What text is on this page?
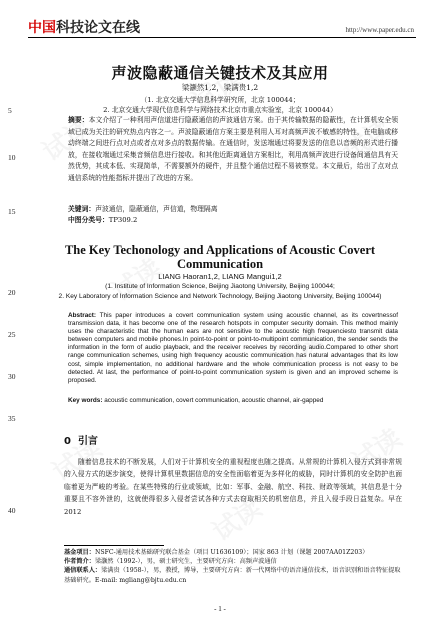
中国 科技论文在线	http://www.paper.edu.cn
声波隐蔽通信关键技术及其应用
梁灏然1,2，梁满贵1,2
（1. 北京交通大学信息科学研究所，北京 100044；
2. 北京交通大学现代信息科学与网络技术北京市重点实验室，北京 100044）
5
10
15
20
25
30
35
40
摘要：本文介绍了一种利用声信道进行隐蔽通信的声波通信方案。由于其传输数据的隐蔽性，在计算机安全领域已成为关注的研究热点内容之一。声波隐蔽通信方案主要是利用人耳对高频声波不敏感的特性，在电脑或移动终端之间进行点对点或者点对多点的数据传输。在通信时，发送端通过将要发送的信息以音频的形式进行播放，在接收端通过采集音频信息进行接收。和其他近距离通信方案相比，利用高频声波进行设备间通信具有天然优势，其成本低、实现简单，不需要额外的硬件，并且整个通信过程不易被察觉。本文最后，给出了点对点通信系统的性能指标并提出了改进的方案。
关键词：声波通信，隐蔽通信，声信道，物理隔离
中图分类号：TP309.2
The Key Techonology and Applications of Acoustic Covert Communication
LIANG Haoran1,2, LIANG Mangui1,2
(1. Institute of Information Science, Beijing Jiaotong University, Beijing 100044;
2. Key Laboratory of Information Science and Network Technology, Beijing Jiaotong University, Beijing 100044)
Abstract: This paper introduces a covert communication system using acoustic channel, as its covertnessof transmission data, it has become one of the research hotspots in computer security domain. This method mainly uses the characteristic that the human ears are not sensitive to the acoustic high frequenciesto transmit data between computers and mobile phones.In point-to-point or point-to-multipoint communication, the sender sends the information in the form of audio playback, and the receiver receives by recording audio.Compared to other short range communication schemes, using high frequency acoustic communication has natural advantages that its low cost, simple implementation, no additional hardware and the whole communication process is not easy to be detected. At last, the performance of point-to-point communication system is given and an improved scheme is proposed.
Key words: acoustic communication, covert communication, acoustic channel, air-gapped
0 引言
随着信息技术的不断发展，人们对于计算机安全的重视程度也随之提高。从常规的计算机入侵方式到非常规的入侵方式的逐步演变，使得计算机里数据信息的安全性面临着更为多样化的威胁，同时计算机的安全防护也面临着更为严峻的考验。在某些特殊的行业或领域，比如：军事、金融、航空、科技、财政等领域，其信息是十分重要且不容外泄的，这就使得很多入侵者尝试各种方式去窃取相关的机密信息，并且入侵手段日益复杂。早在 2012
基金项目：NSFC-通用技术基础研究联合基金（项目 U1636109）；国家 863 计划（课题 2007AA01Z203）
作者简介：梁灏然（1992-），男，硕士研究生，主要研究方向：高频声波通信
通信联系人：梁满贵（1958-），男，教授，博导，主要研究方向：新一代网络中的语音通信技术，语音识别和语音特征提取基础研究。E-mail: mgliang@bjtu.edu.cn
- 1 -
